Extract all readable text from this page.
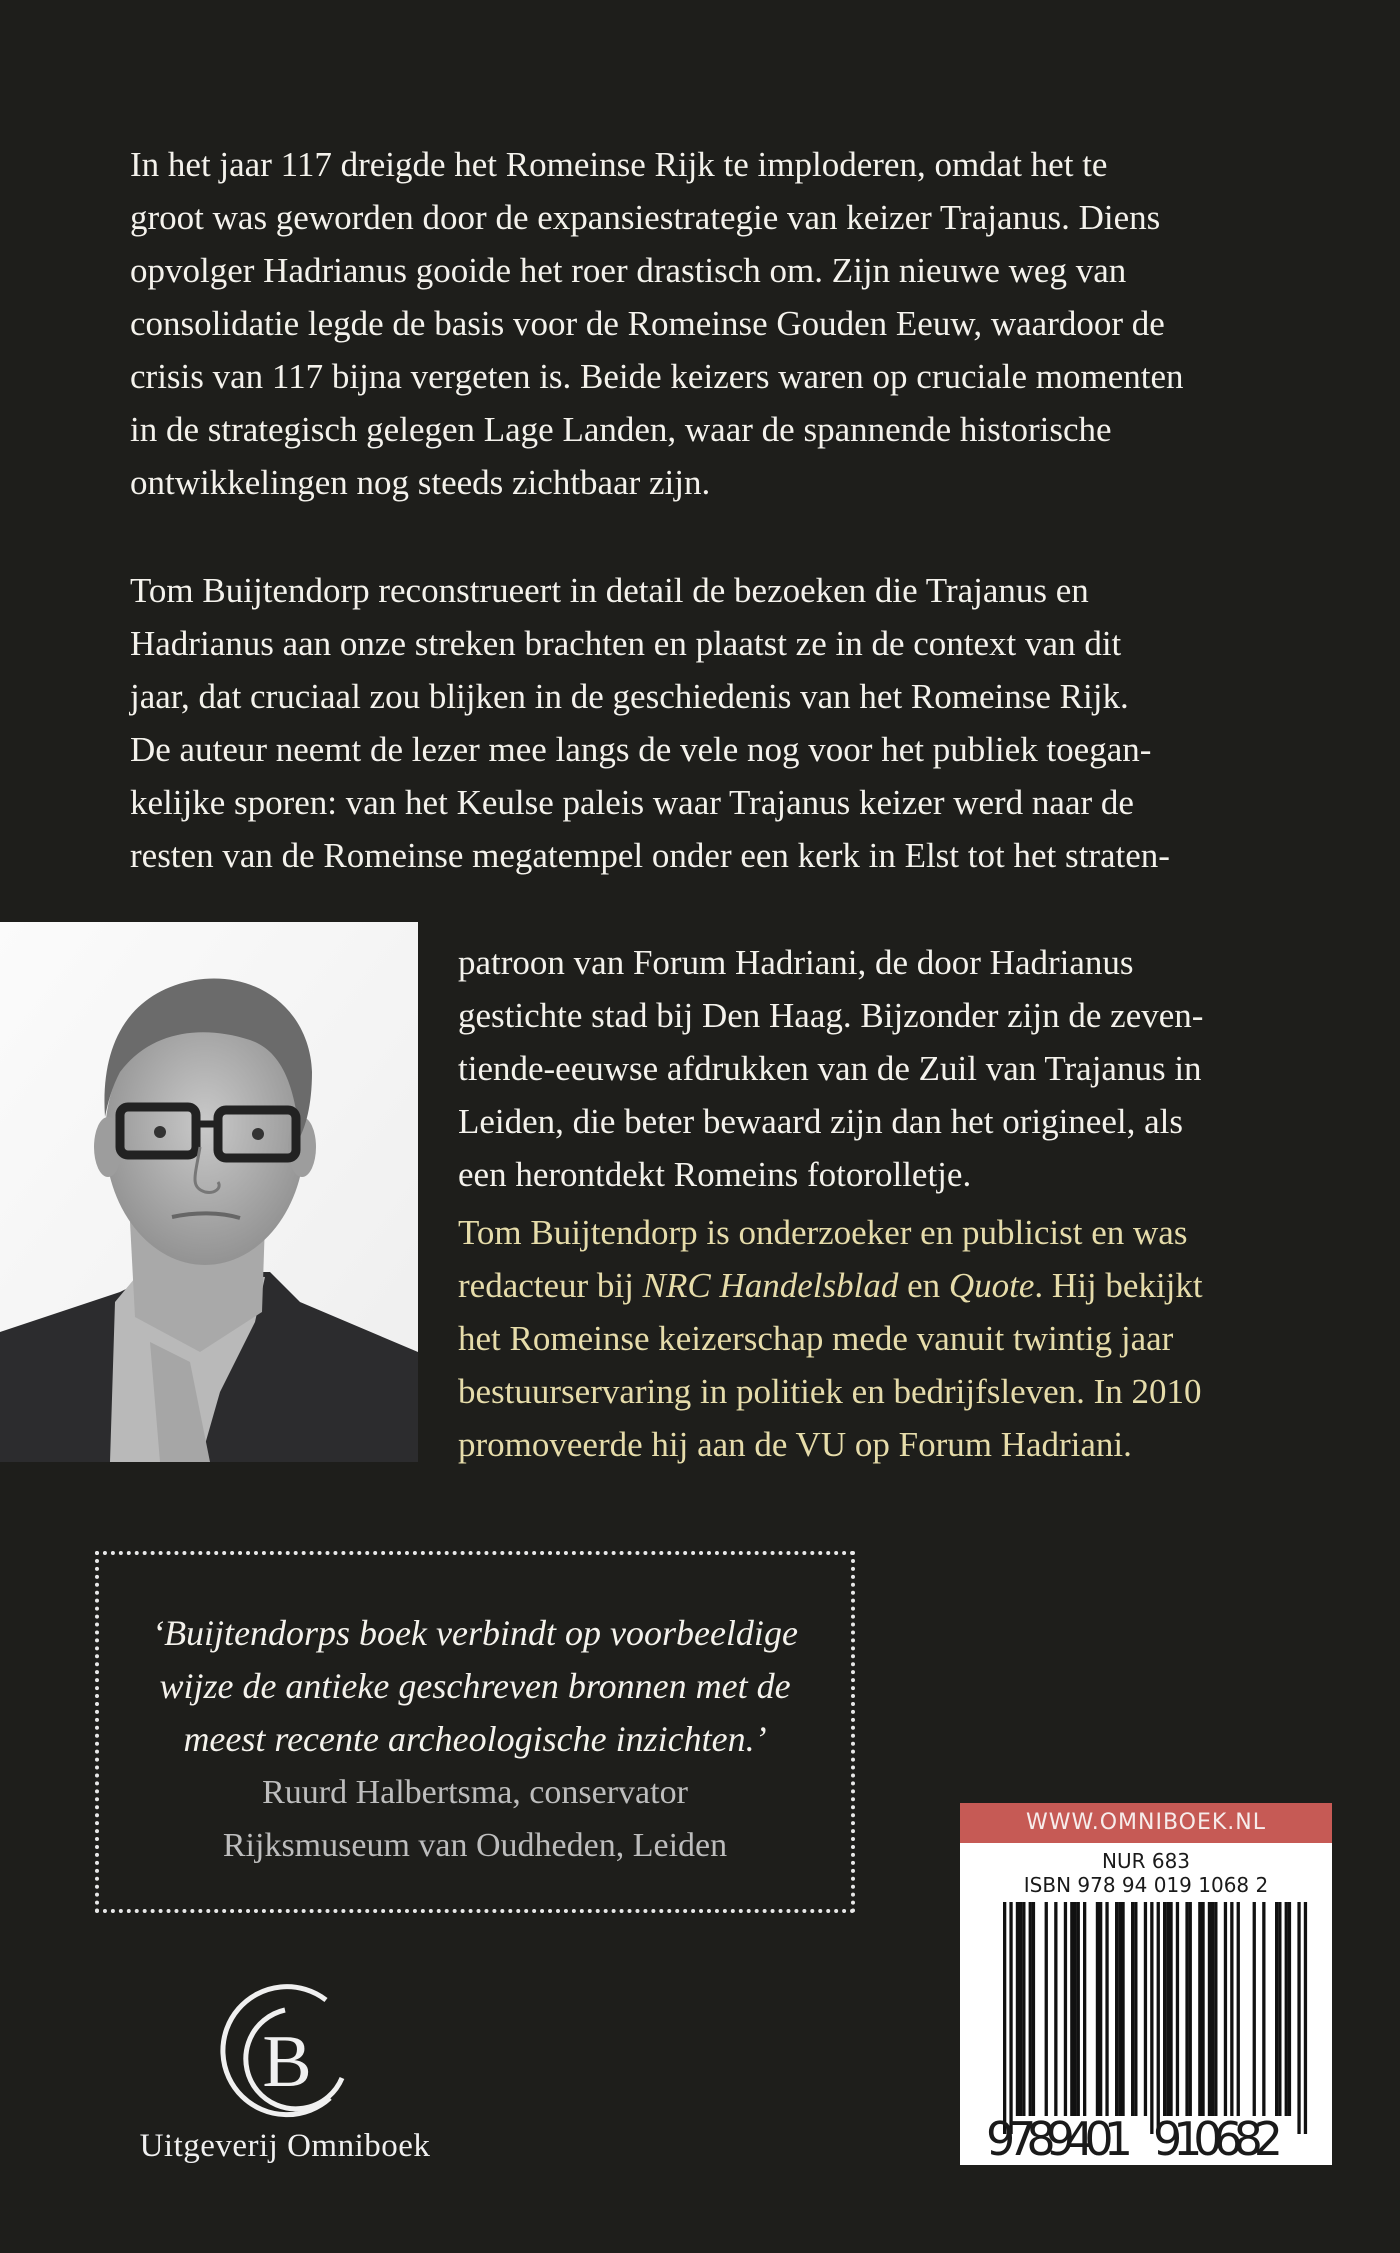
In het jaar 117 dreigde het Romeinse Rijk te imploderen, omdat het te
groot was geworden door de expansiestrategie van keizer Trajanus. Diens
opvolger Hadrianus gooide het roer drastisch om. Zijn nieuwe weg van
consolidatie legde de basis voor de Romeinse Gouden Eeuw, waardoor de
crisis van 117 bijna vergeten is. Beide keizers waren op cruciale momenten
in de strategisch gelegen Lage Landen, waar de spannende historische
ontwikkelingen nog steeds zichtbaar zijn.
Tom Buijtendorp reconstrueert in detail de bezoeken die Trajanus en
Hadrianus aan onze streken brachten en plaatst ze in de context van dit
jaar, dat cruciaal zou blijken in de geschiedenis van het Romeinse Rijk.
De auteur neemt de lezer mee langs de vele nog voor het publiek toegan-
kelijke sporen: van het Keulse paleis waar Trajanus keizer werd naar de
resten van de Romeinse megatempel onder een kerk in Elst tot het straten-
patroon van Forum Hadriani, de door Hadrianus
gestichte stad bij Den Haag. Bijzonder zijn de zeven-
tiende-eeuwse afdrukken van de Zuil van Trajanus in
Leiden, die beter bewaard zijn dan het origineel, als
een herontdekt Romeins fotorolletje.
Tom Buijtendorp is onderzoeker en publicist en was
redacteur bij NRC Handelsblad en Quote. Hij bekijkt
het Romeinse keizerschap mede vanuit twintig jaar
bestuurservaring in politiek en bedrijfsleven. In 2010
promoveerde hij aan de VU op Forum Hadriani.
‘Buijtendorps boek verbindt op voorbeeldige
wijze de antieke geschreven bronnen met de
meest recente archeologische inzichten.’
Ruurd Halbertsma, conservator
Rijksmuseum van Oudheden, Leiden
B
Uitgeverij Omniboek
WWW.OMNIBOEK.NL
NUR 683
ISBN 978 94 019 1068 2
9
789401 910682
